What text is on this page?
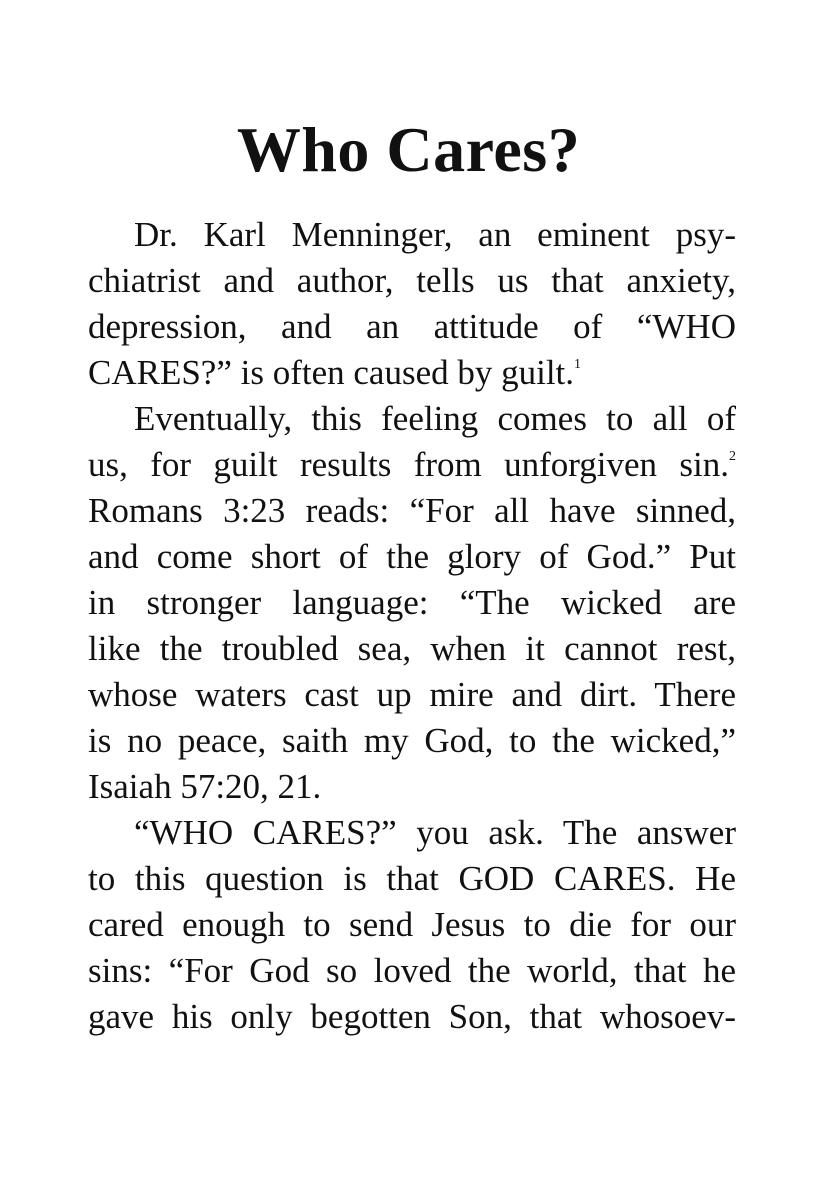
Who Cares?
Dr. Karl Menninger, an eminent psy-
chiatrist and author, tells us that anxiety,
depression, and an attitude of “WHO
CARES?” is often caused by guilt.$^1$
Eventually, this feeling comes to all of
us, for guilt results from unforgiven sin.$^2$
Romans 3:23 reads: “For all have sinned,
and come short of the glory of God.” Put
in stronger language: “The wicked are
like the troubled sea, when it cannot rest,
whose waters cast up mire and dirt. There
is no peace, saith my God, to the wicked,”
Isaiah 57:20, 21.
“WHO CARES?” you ask. The answer
to this question is that GOD CARES. He
cared enough to send Jesus to die for our
sins: “For God so loved the world, that he
gave his only begotten Son, that whosoev-
